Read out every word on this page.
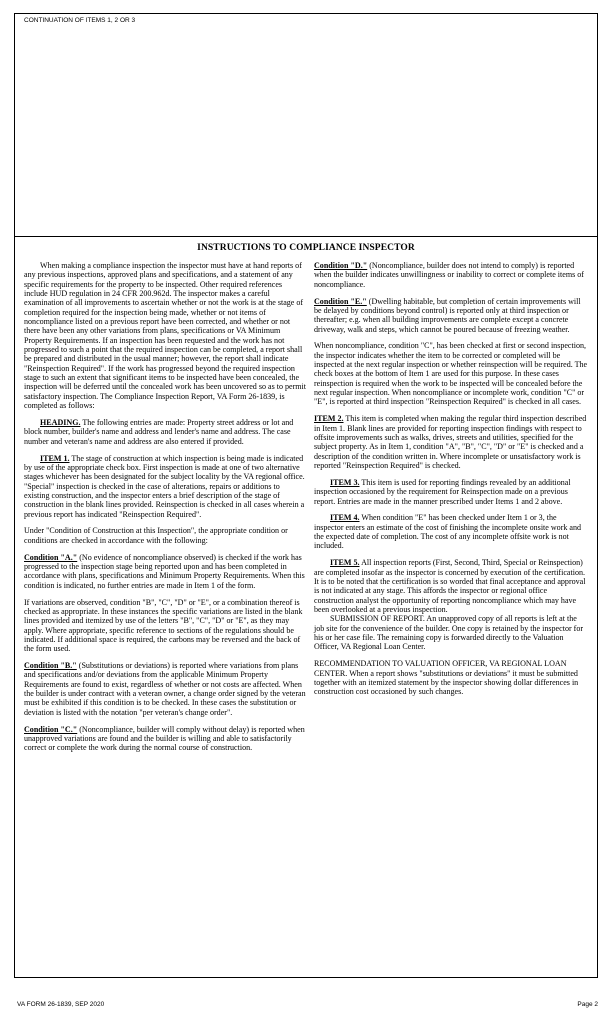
CONTINUATION OF ITEMS 1, 2 OR 3
INSTRUCTIONS TO COMPLIANCE INSPECTOR

When making a compliance inspection the inspector must have at hand reports of any previous inspections, approved plans and specifications, and a statement of any specific requirements for the property to be inspected. Other required references include HUD regulation in 24 CFR 200.962d. The inspector makes a careful examination of all improvements to ascertain whether or not the work is at the stage of completion required for the inspection being made, whether or not items of noncompliance listed on a previous report have been corrected, and whether or not there have been any other variations from plans, specifications or VA Minimum Property Requirements. If an inspection has been requested and the work has not progressed to such a point that the required inspection can be completed, a report shall be prepared and distributed in the usual manner; however, the report shall indicate "Reinspection Required". If the work has progressed beyond the required inspection stage to such an extent that significant items to be inspected have been concealed, the inspection will be deferred until the concealed work has been uncovered so as to permit satisfactory inspection. The Compliance Inspection Report, VA Form 26-1839, is completed as follows:

HEADING. The following entries are made: Property street address or lot and block number, builder's name and address and lender's name and address. The case number and veteran's name and address are also entered if provided.

ITEM 1. The stage of construction at which inspection is being made is indicated by use of the appropriate check box. First inspection is made at one of two alternative stages whichever has been designated for the subject locality by the VA regional office. "Special" inspection is checked in the case of alterations, repairs or additions to existing construction, and the inspector enters a brief description of the stage of construction in the blank lines provided. Reinspection is checked in all cases wherein a previous report has indicated "Reinspection Required".

Under "Condition of Construction at this Inspection", the appropriate condition or conditions are checked in accordance with the following:

Condition "A." (No evidence of noncompliance observed) is checked if the work has progressed to the inspection stage being reported upon and has been completed in accordance with plans, specifications and Minimum Property Requirements. When this condition is indicated, no further entries are made in Item 1 of the form.

If variations are observed, condition "B", "C", "D" or "E", or a combination thereof is checked as appropriate. In these instances the specific variations are listed in the blank lines provided and itemized by use of the letters "B", "C", "D" or "E", as they may apply. Where appropriate, specific reference to sections of the regulations should be indicated. If additional space is required, the carbons may be reversed and the back of the form used.

Condition "B." (Substitutions or deviations) is reported where variations from plans and specifications and/or deviations from the applicable Minimum Property Requirements are found to exist, regardless of whether or not costs are affected. When the builder is under contract with a veteran owner, a change order signed by the veteran must be exhibited if this condition is to be checked. In these cases the substitution or deviation is listed with the notation "per veteran's change order".

Condition "C." (Noncompliance, builder will comply without delay) is reported when unapproved variations are found and the builder is willing and able to satisfactorily correct or complete the work during the normal course of construction.

Condition "D." (Noncompliance, builder does not intend to comply) is reported when the builder indicates unwillingness or inability to correct or complete items of noncompliance.

Condition "E." (Dwelling habitable, but completion of certain improvements will be delayed by conditions beyond control) is reported only at third inspection or thereafter; e.g. when all building improvements are complete except a concrete driveway, walk and steps, which cannot be poured because of freezing weather.

When noncompliance, condition "C", has been checked at first or second inspection, the inspector indicates whether the item to be corrected or completed will be inspected at the next regular inspection or whether reinspection will be required. The check boxes at the bottom of Item 1 are used for this purpose. In these cases reinspection is required when the work to be inspected will be concealed before the next regular inspection. When noncompliance or incomplete work, condition "C" or "E", is reported at third inspection "Reinspection Required" is checked in all cases.

ITEM 2. This item is completed when making the regular third inspection described in Item 1. Blank lines are provided for reporting inspection findings with respect to offsite improvements such as walks, drives, streets and utilities, specified for the subject property. As in Item 1, condition "A", "B", "C", "D" or "E" is checked and a description of the condition written in. Where incomplete or unsatisfactory work is reported "Reinspection Required" is checked.

ITEM 3. This item is used for reporting findings revealed by an additional inspection occasioned by the requirement for Reinspection made on a previous report. Entries are made in the manner prescribed under Items 1 and 2 above.

ITEM 4. When condition "E" has been checked under Item 1 or 3, the inspector enters an estimate of the cost of finishing the incomplete onsite work and the expected date of completion. The cost of any incomplete offsite work is not included.

ITEM 5. All inspection reports (First, Second, Third, Special or Reinspection) are completed insofar as the inspector is concerned by execution of the certification. It is to be noted that the certification is so worded that final acceptance and approval is not indicated at any stage. This affords the inspector or regional office construction analyst the opportunity of reporting noncompliance which may have been overlooked at a previous inspection.

SUBMISSION OF REPORT. An unapproved copy of all reports is left at the job site for the convenience of the builder. One copy is retained by the inspector for his or her case file. The remaining copy is forwarded directly to the Valuation Officer, VA Regional Loan Center.

RECOMMENDATION TO VALUATION OFFICER, VA REGIONAL LOAN CENTER. When a report shows "substitutions or deviations" it must be submitted together with an itemized statement by the inspector showing dollar differences in construction cost occasioned by such changes.

VA FORM 26-1839, SEP 2020	Page 2
